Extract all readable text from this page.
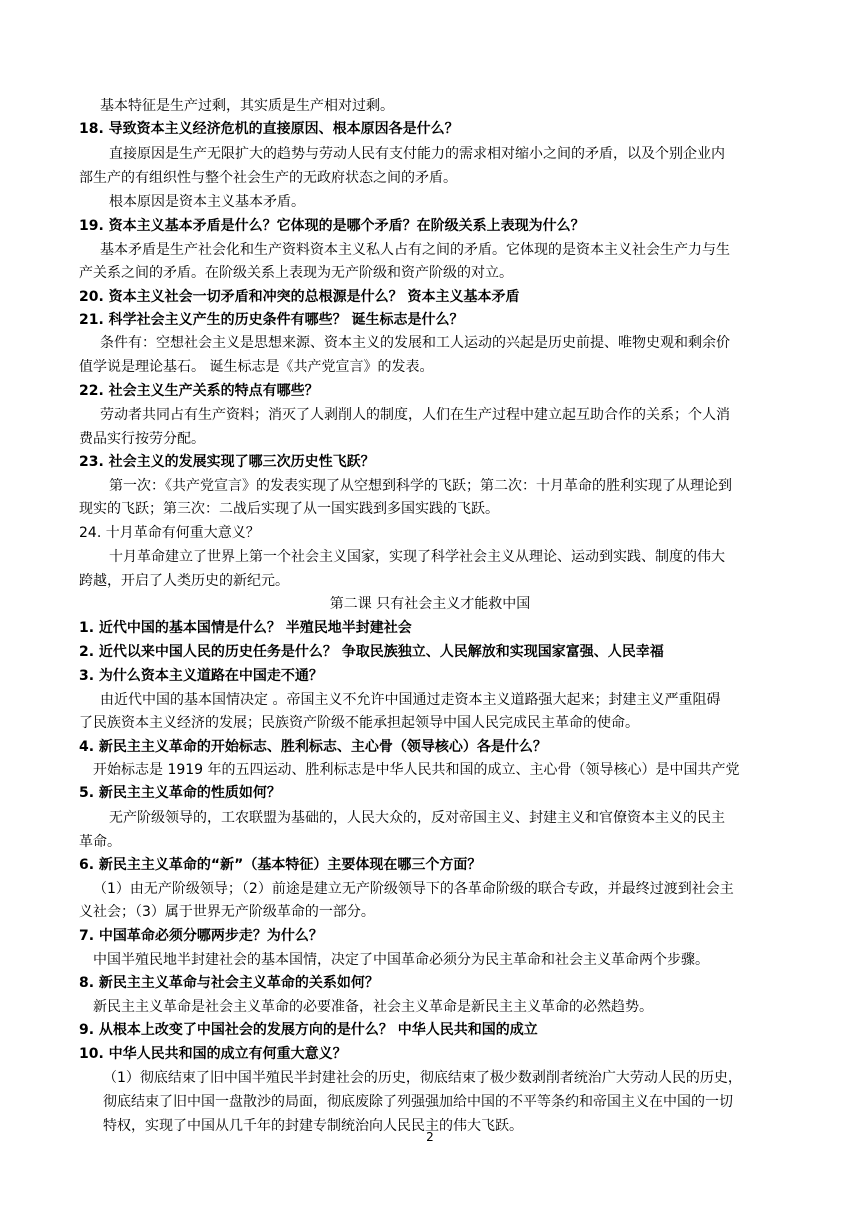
基本特征是生产过剩，其实质是生产相对过剩。
18. 导致资本主义经济危机的直接原因、根本原因各是什么？
直接原因是生产无限扩大的趋势与劳动人民有支付能力的需求相对缩小之间的矛盾，以及个别企业内
部生产的有组织性与整个社会生产的无政府状态之间的矛盾。
根本原因是资本主义基本矛盾。
19. 资本主义基本矛盾是什么？它体现的是哪个矛盾？在阶级关系上表现为什么？
基本矛盾是生产社会化和生产资料资本主义私人占有之间的矛盾。它体现的是资本主义社会生产力与生
产关系之间的矛盾。在阶级关系上表现为无产阶级和资产阶级的对立。
20. 资本主义社会一切矛盾和冲突的总根源是什么？ 资本主义基本矛盾
21. 科学社会主义产生的历史条件有哪些？ 诞生标志是什么？
条件有：空想社会主义是思想来源、资本主义的发展和工人运动的兴起是历史前提、唯物史观和剩余价
值学说是理论基石。 诞生标志是《共产党宣言》的发表。
22. 社会主义生产关系的特点有哪些？
劳动者共同占有生产资料；消灭了人剥削人的制度，人们在生产过程中建立起互助合作的关系；个人消
费品实行按劳分配。
23. 社会主义的发展实现了哪三次历史性飞跃？
第一次：《共产党宣言》的发表实现了从空想到科学的飞跃；第二次：十月革命的胜利实现了从理论到
现实的飞跃；第三次：二战后实现了从一国实践到多国实践的飞跃。
24. 十月革命有何重大意义？
十月革命建立了世界上第一个社会主义国家，实现了科学社会主义从理论、运动到实践、制度的伟大
跨越，开启了人类历史的新纪元。
第二课 只有社会主义才能救中国
1. 近代中国的基本国情是什么？ 半殖民地半封建社会
2. 近代以来中国人民的历史任务是什么？ 争取民族独立、人民解放和实现国家富强、人民幸福
3. 为什么资本主义道路在中国走不通？
由近代中国的基本国情决定 。帝国主义不允许中国通过走资本主义道路强大起来；封建主义严重阻碍
了民族资本主义经济的发展；民族资产阶级不能承担起领导中国人民完成民主革命的使命。
4. 新民主主义革命的开始标志、胜利标志、主心骨（领导核心）各是什么？
开始标志是 1919 年的五四运动、胜利标志是中华人民共和国的成立、主心骨（领导核心）是中国共产党
5. 新民主主义革命的性质如何？
无产阶级领导的，工农联盟为基础的，人民大众的，反对帝国主义、封建主义和官僚资本主义的民主
革命。
6. 新民主主义革命的“新”（基本特征）主要体现在哪三个方面？
（1）由无产阶级领导；（2）前途是建立无产阶级领导下的各革命阶级的联合专政，并最终过渡到社会主
义社会；（3）属于世界无产阶级革命的一部分。
7. 中国革命必须分哪两步走？为什么？
中国半殖民地半封建社会的基本国情，决定了中国革命必须分为民主革命和社会主义革命两个步骤。
8. 新民主主义革命与社会主义革命的关系如何？
新民主主义革命是社会主义革命的必要准备，社会主义革命是新民主主义革命的必然趋势。
9. 从根本上改变了中国社会的发展方向的是什么？ 中华人民共和国的成立
10. 中华人民共和国的成立有何重大意义？
（1）彻底结束了旧中国半殖民半封建社会的历史，彻底结束了极少数剥削者统治广大劳动人民的历史，
彻底结束了旧中国一盘散沙的局面，彻底废除了列强强加给中国的不平等条约和帝国主义在中国的一切
特权，实现了中国从几千年的封建专制统治向人民民主的伟大飞跃。
2
